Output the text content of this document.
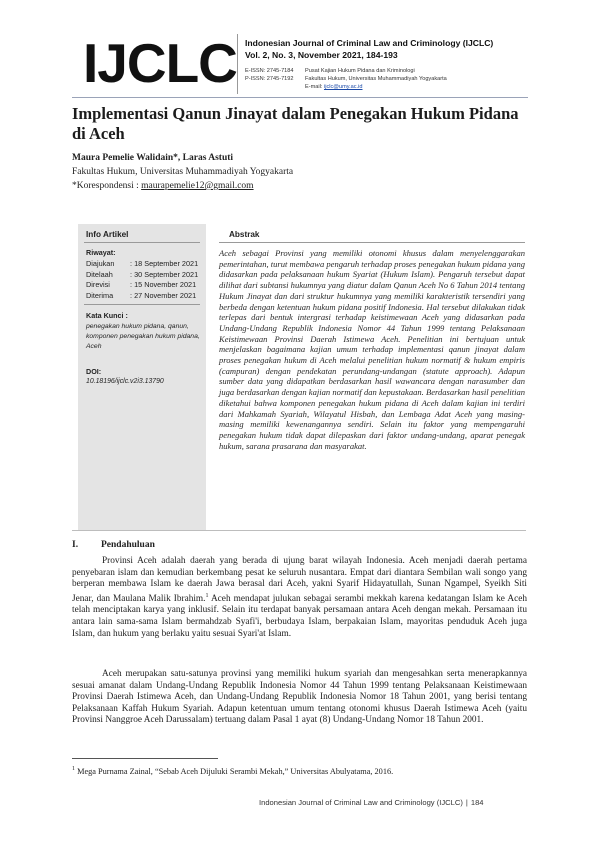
IJCLC Indonesian Journal of Criminal Law and Criminology (IJCLC)
Vol. 2, No. 3, November 2021, 184-193
E-ISSN: 2745-7184
P-ISSN: 2745-7192
Pusat Kajian Hukum Pidana dan Kriminologi
Fakultas Hukum, Universitas Muhammadiyah Yogyakarta
E-mail: ijclc@umy.ac.id
Implementasi Qanun Jinayat dalam Penegakan Hukum Pidana di Aceh
Maura Pemelie Walidain*, Laras Astuti
Fakultas Hukum, Universitas Muhammadiyah Yogyakarta
*Korespondensi : maurapemelie12@gmail.com
Info Artikel
Riwayat:
Diajukan : 18 September 2021
Ditelaah : 30 September 2021
Direvisi	: 15 November 2021
Diterima : 27 November 2021
Kata Kunci :
penegakan hukum pidana, qanun, komponen penegakan hukum pidana, Aceh
DOI:
10.18196/ijclc.v2i3.13790
Abstrak
Aceh sebagai Provinsi yang memiliki otonomi khusus dalam menyelenggarakan pemerintahan, turut membawa pengaruh terhadap proses penegakan hukum pidana yang didasarkan pada pelaksanaan hukum Syariat (Hukum Islam). Pengaruh tersebut dapat dilihat dari subtansi hukumnya yang diatur dalam Qanun Aceh No 6 Tahun 2014 tentang Hukum Jinayat dan dari struktur hukumnya yang memiliki karakteristik tersendiri yang berbeda dengan ketentuan hukum pidana positif Indonesia. Hal tersebut dilakukan tidak terlepas dari bentuk intergrasi terhadap keistimewaan Aceh yang didasarkan pada Undang-Undang Republik Indonesia Nomor 44 Tahun 1999 tentang Pelaksanaan Keistimewaan Provinsi Daerah Istimewa Aceh. Penelitian ini bertujuan untuk menjelaskan bagaimana kajian umum terhadap implementasi qanun jinayat dalam proses penegakan hukum di Aceh melalui penelitian hukum normatif & hukum empiris (campuran) dengan pendekatan perundang-undangan (statute approach). Adapun sumber data yang didapatkan berdasarkan hasil wawancara dengan narasumber dan juga berdasarkan dengan kajian normatif dan kepustakaan. Berdasarkan hasil penelitian diketahui bahwa komponen penegakan hukum pidana di Aceh dalam kajian ini terdiri dari Mahkamah Syariah, Wilayatul Hisbah, dan Lembaga Adat Aceh yang masing-masing memiliki kewenangannya sendiri. Selain itu faktor yang mempengaruhi penegakan hukum tidak dapat dilepaskan dari faktor undang-undang, aparat penegak hukum, sarana prasarana dan masyarakat.
I. Pendahuluan
Provinsi Aceh adalah daerah yang berada di ujung barat wilayah Indonesia. Aceh menjadi daerah pertama penyebaran islam dan kemudian berkembang pesat ke seluruh nusantara. Empat dari diantara Sembilan wali songo yang berperan membawa Islam ke daerah Jawa berasal dari Aceh, yakni Syarif Hidayatullah, Sunan Ngampel, Syeikh Siti Jenar, dan Maulana Malik Ibrahim.$^1$ Aceh mendapat julukan sebagai serambi mekkah karena kedatangan Islam ke Aceh telah menciptakan karya yang inklusif. Selain itu terdapat banyak persamaan antara Aceh dengan mekah. Persamaan itu antara lain sama-sama Islam bermahdzab Syafi'i, berbudaya Islam, berpakaian Islam, mayoritas penduduk Aceh juga Islam, dan hukum yang berlaku yaitu sesuai Syari'at Islam.
Aceh merupakan satu-satunya provinsi yang memiliki hukum syariah dan mengesahkan serta menerapkannya sesuai amanat dalam Undang-Undang Republik Indonesia Nomor 44 Tahun 1999 tentang Pelaksanaan Keistimewaan Provinsi Daerah Istimewa Aceh, dan Undang-Undang Republik Indonesia Nomor 18 Tahun 2001, yang berisi tentang Pelaksanaan Kaffah Hukum Syariah. Adapun ketentuan umum tentang otonomi khusus Daerah Istimewa Aceh (yaitu Provinsi Nanggroe Aceh Darussalam) tertuang dalam Pasal 1 ayat (8) Undang-Undang Nomor 18 Tahun 2001.
$^1$ Mega Purnama Zainal, “Sebab Aceh Dijuluki Serambi Mekah,” Universitas Abulyatama, 2016.
Indonesian Journal of Criminal Law and Criminology (IJCLC) | 184
